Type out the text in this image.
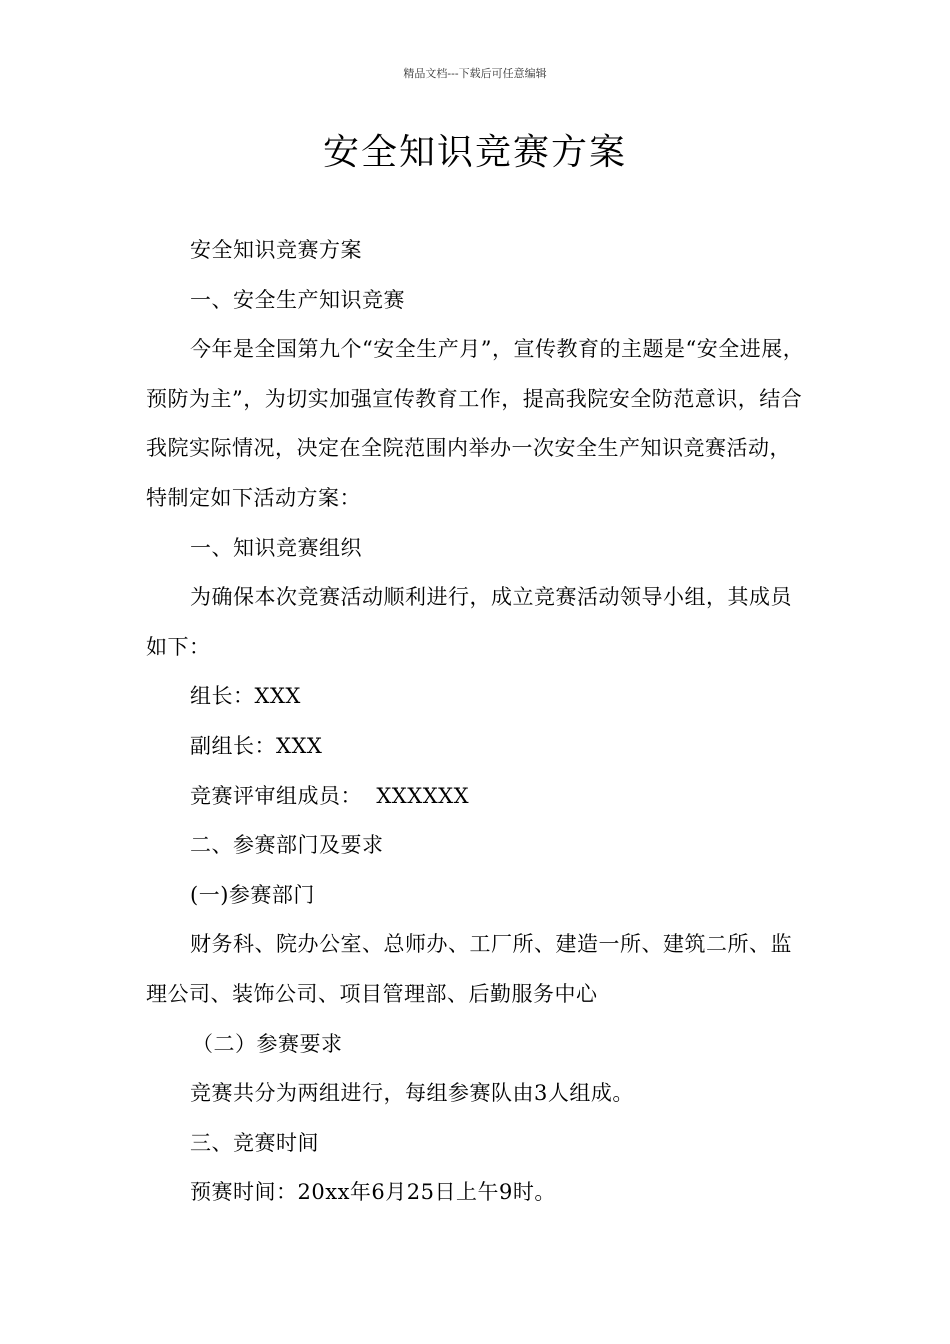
精品文档---下载后可任意编辑
安全知识竞赛方案

安全知识竞赛方案

一、安全生产知识竞赛

今年是全国第九个“安全生产月”，宣传教育的主题是“安全进展，预防为主”，为切实加强宣传教育工作，提高我院安全防范意识，结合我院实际情况，决定在全院范围内举办一次安全生产知识竞赛活动，特制定如下活动方案：

一、知识竞赛组织

为确保本次竞赛活动顺利进行，成立竞赛活动领导小组，其成员如下：

组长：XXX

副组长：XXX

竞赛评审组成员：  XXXXXX

二、参赛部门及要求

(一)参赛部门

财务科、院办公室、总师办、工厂所、建造一所、建筑二所、监理公司、装饰公司、项目管理部、后勤服务中心

（二）参赛要求

竞赛共分为两组进行，每组参赛队由3人组成。

三、竞赛时间

预赛时间：20xx年6月25日上午9时。
